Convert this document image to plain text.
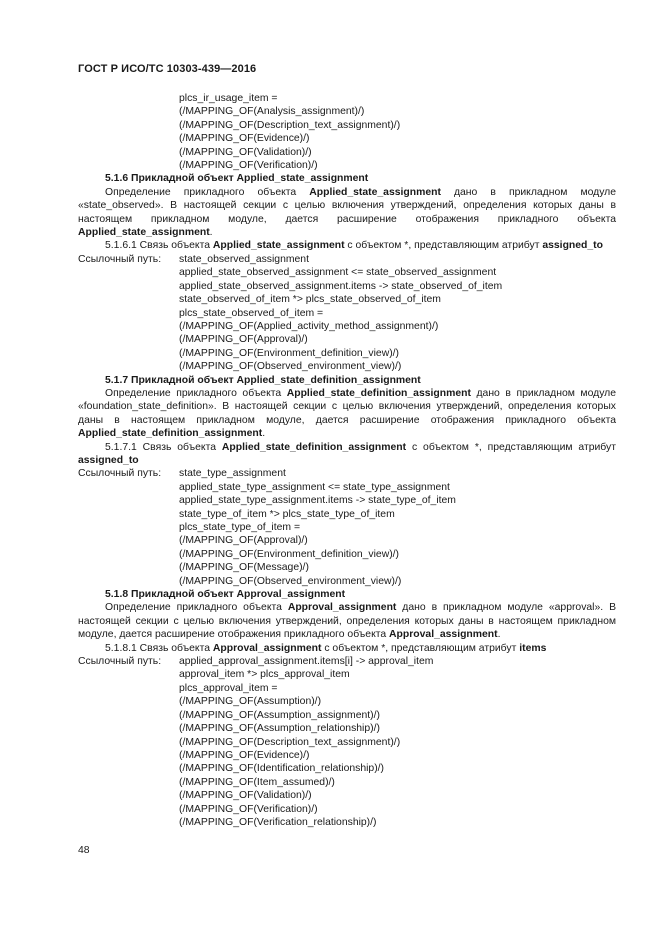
ГОСТ Р ИСО/ТС 10303-439—2016
plcs_ir_usage_item =
(/MAPPING_OF(Analysis_assignment)/)
(/MAPPING_OF(Description_text_assignment)/)
(/MAPPING_OF(Evidence)/)
(/MAPPING_OF(Validation)/)
(/MAPPING_OF(Verification)/)
5.1.6 Прикладной объект Applied_state_assignment
Определение прикладного объекта Applied_state_assignment дано в прикладном модуле «state_observed». В настоящей секции с целью включения утверждений, определения которых даны в настоящем прикладном модуле, дается расширение отображения прикладного объекта Applied_state_assignment.
5.1.6.1 Связь объекта Applied_state_assignment с объектом *, представляющим атрибут assigned_to
Ссылочный путь:	state_observed_assignment
applied_state_observed_assignment <= state_observed_assignment
applied_state_observed_assignment.items -> state_observed_of_item
state_observed_of_item *> plcs_state_observed_of_item
plcs_state_observed_of_item =
(/MAPPING_OF(Applied_activity_method_assignment)/)
(/MAPPING_OF(Approval)/)
(/MAPPING_OF(Environment_definition_view)/)
(/MAPPING_OF(Observed_environment_view)/)
5.1.7 Прикладной объект Applied_state_definition_assignment
Определение прикладного объекта Applied_state_definition_assignment дано в прикладном модуле «foundation_state_definition». В настоящей секции с целью включения утверждений, определения которых даны в настоящем прикладном модуле, дается расширение отображения прикладного объекта Applied_state_definition_assignment.
5.1.7.1 Связь объекта Applied_state_definition_assignment с объектом *, представляющим атрибут assigned_to
Ссылочный путь:	state_type_assignment
applied_state_type_assignment <= state_type_assignment
applied_state_type_assignment.items -> state_type_of_item
state_type_of_item *> plcs_state_type_of_item
plcs_state_type_of_item =
(/MAPPING_OF(Approval)/)
(/MAPPING_OF(Environment_definition_view)/)
(/MAPPING_OF(Message)/)
(/MAPPING_OF(Observed_environment_view)/)
5.1.8 Прикладной объект Approval_assignment
Определение прикладного объекта Approval_assignment дано в прикладном модуле «approval». В настоящей секции с целью включения утверждений, определения которых даны в настоящем прикладном модуле, дается расширение отображения прикладного объекта Approval_assignment.
5.1.8.1 Связь объекта Approval_assignment с объектом *, представляющим атрибут items
Ссылочный путь:	applied_approval_assignment.items[i] -> approval_item
approval_item *> plcs_approval_item
plcs_approval_item =
(/MAPPING_OF(Assumption)/)
(/MAPPING_OF(Assumption_assignment)/)
(/MAPPING_OF(Assumption_relationship)/)
(/MAPPING_OF(Description_text_assignment)/)
(/MAPPING_OF(Evidence)/)
(/MAPPING_OF(Identification_relationship)/)
(/MAPPING_OF(Item_assumed)/)
(/MAPPING_OF(Validation)/)
(/MAPPING_OF(Verification)/)
(/MAPPING_OF(Verification_relationship)/)
48
